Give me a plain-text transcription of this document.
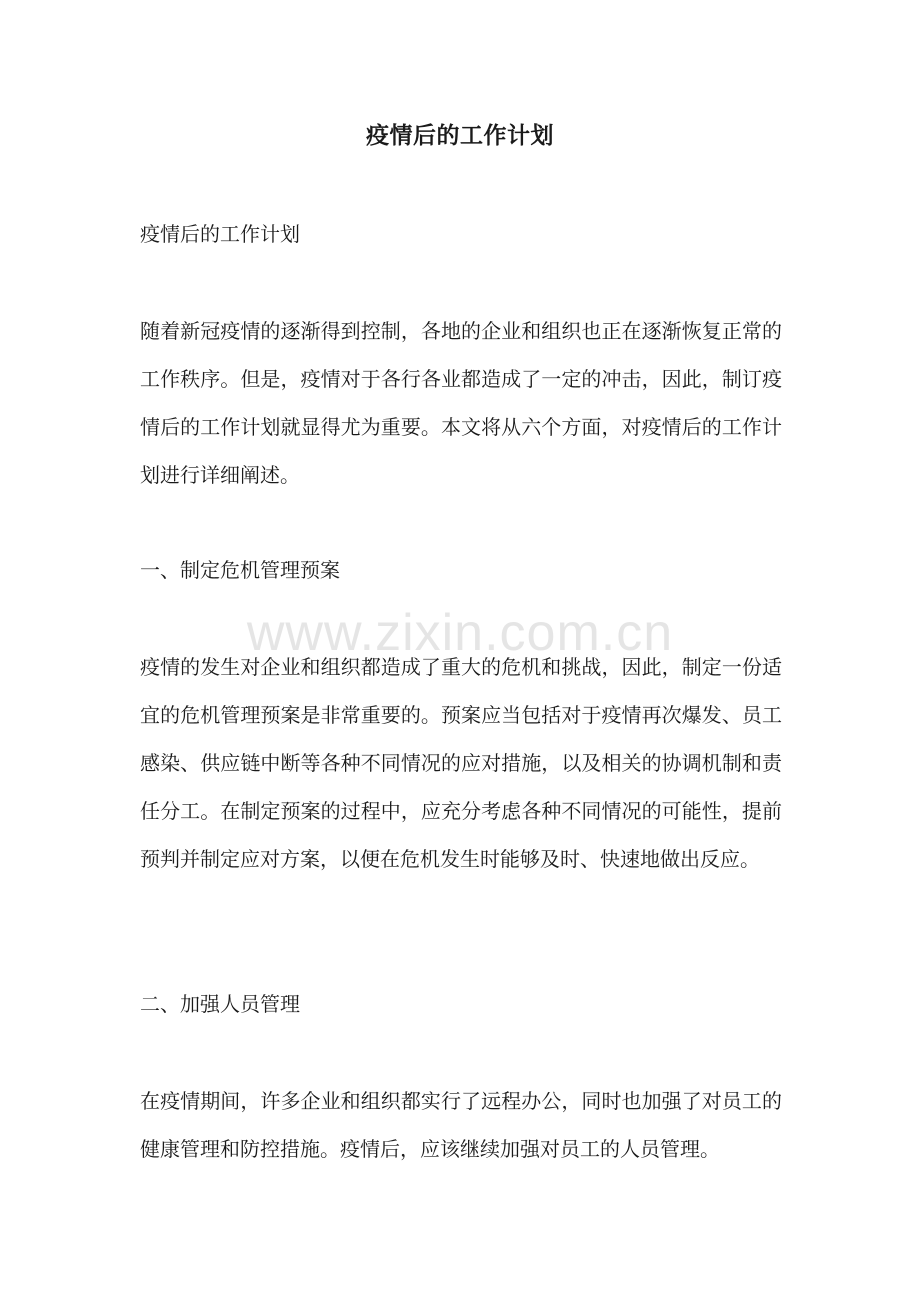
疫情后的工作计划

疫情后的工作计划

随着新冠疫情的逐渐得到控制，各地的企业和组织也正在逐渐恢复正常的工作秩序。但是，疫情对于各行各业都造成了一定的冲击，因此，制订疫情后的工作计划就显得尤为重要。本文将从六个方面，对疫情后的工作计划进行详细阐述。

一、制定危机管理预案

www.zixin.com.cn

疫情的发生对企业和组织都造成了重大的危机和挑战，因此，制定一份适宜的危机管理预案是非常重要的。预案应当包括对于疫情再次爆发、员工感染、供应链中断等各种不同情况的应对措施，以及相关的协调机制和责任分工。在制定预案的过程中，应充分考虑各种不同情况的可能性，提前预判并制定应对方案，以便在危机发生时能够及时、快速地做出反应。

二、加强人员管理

在疫情期间，许多企业和组织都实行了远程办公，同时也加强了对员工的健康管理和防控措施。疫情后，应该继续加强对员工的人员管理。
